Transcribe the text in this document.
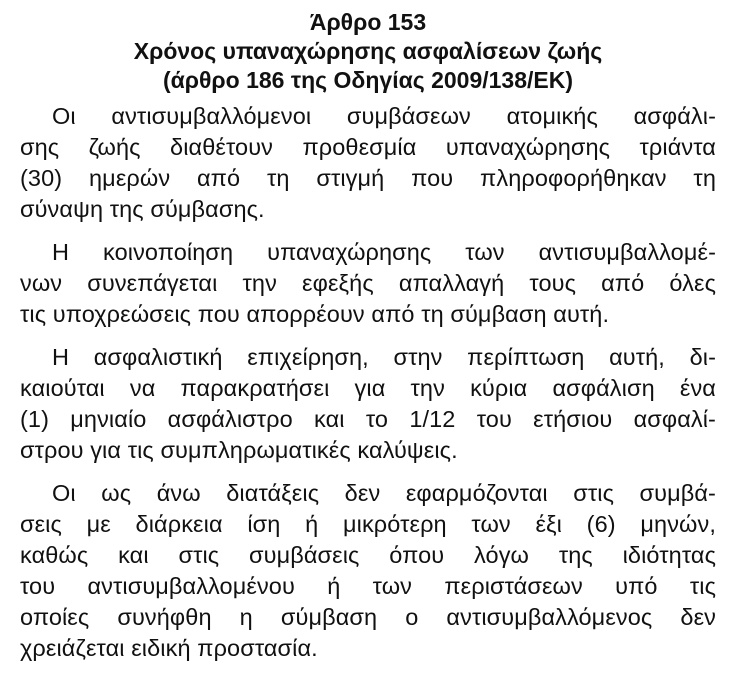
Άρθρο 153
Χρόνος υπαναχώρησης ασφαλίσεων ζωής
(άρθρο 186 της Οδηγίας 2009/138/ΕΚ)
Οι αντισυμβαλλόμενοι συμβάσεων ατομικής ασφάλι-
σης ζωής διαθέτουν προθεσμία υπαναχώρησης τριάντα
(30) ημερών από τη στιγμή που πληροφορήθηκαν τη
σύναψη της σύμβασης.
Η κοινοποίηση υπαναχώρησης των αντισυμβαλλομέ-
νων συνεπάγεται την εφεξής απαλλαγή τους από όλες
τις υποχρεώσεις που απορρέουν από τη σύμβαση αυτή.
Η ασφαλιστική επιχείρηση, στην περίπτωση αυτή, δι-
καιούται να παρακρατήσει για την κύρια ασφάλιση ένα
(1) μηνιαίο ασφάλιστρο και το 1/12 του ετήσιου ασφαλί-
στρου για τις συμπληρωματικές καλύψεις.
Οι ως άνω διατάξεις δεν εφαρμόζονται στις συμβά-
σεις με διάρκεια ίση ή μικρότερη των έξι (6) μηνών,
καθώς και στις συμβάσεις όπου λόγω της ιδιότητας
του αντισυμβαλλομένου ή των περιστάσεων υπό τις
οποίες συνήφθη η σύμβαση ο αντισυμβαλλόμενος δεν
χρειάζεται ειδική προστασία.
